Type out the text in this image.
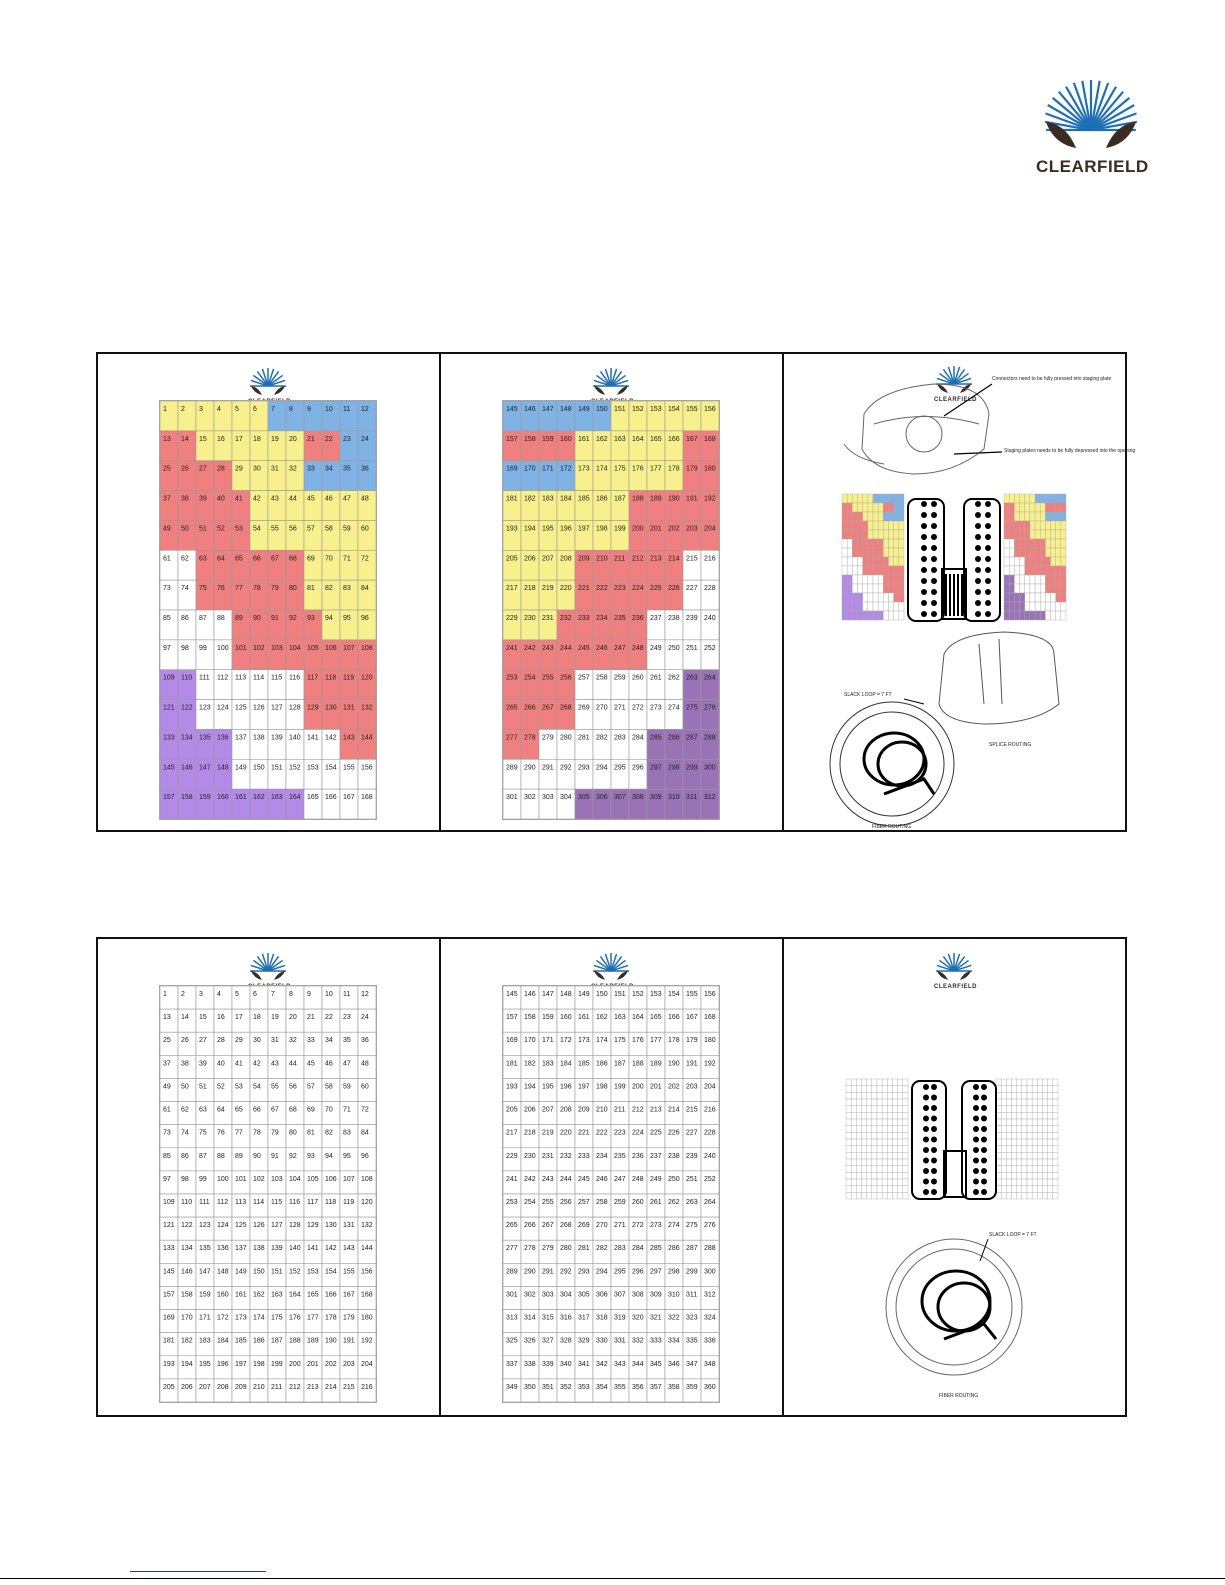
CLEARFIELD
1 2 3 4 5 6 7 8 9 10 11 12
13 14 15 16 17 18 19 20 21 22 23 24
25 26 27 28 29 30 31 32 33 34 35 36
37 38 39 40 41 42 43 44 45 46 47 48
49 50 51 52 53 54 55 56 57 58 59 60
61 62 63 64 65 66 67 68 69 70 71 72
73 74 75 76 77 78 79 80 81 82 83 84
85 86 87 88 89 90 91 92 93 94 95 96
97 98 99 100 101 102 103 104 105 106 107 108
109 110 111 112 113 114 115 116 117 118 119 120
121 122 123 124 125 126 127 128 129 130 131 132
133 134 135 136 137 138 139 140 141 142 143 144
145 146 147 148 149 150 151 152 153 154 155 156
157 158 159 160 161 162 163 164 165 166 167 168
145 146 147 148 149 150 151 152 153 154 155 156
157 158 159 160 161 162 163 164 165 166 167 168
169 170 171 172 173 174 175 176 177 178 179 180
181 182 183 184 185 186 187 188 189 190 191 192
193 194 195 196 197 198 199 200 201 202 203 204
205 206 207 208 209 210 211 212 213 214 215 216
217 218 219 220 221 222 223 224 225 226 227 228
229 230 231 232 233 234 235 236 237 238 239 240
241 242 243 244 245 246 247 248 249 250 251 252
253 254 255 256 257 258 259 260 261 262 263 264
265 266 267 268 269 270 271 272 273 274 275 276
277 278 279 280 281 282 283 284 285 286 287 288
289 290 291 292 293 294 295 296 297 298 299 300
301 302 303 304 305 306 307 308 309 310 311 312
CLEARFIELD
Connectors need to be fully pressed into staging plate
Staging plates needs to be fully depressed into the opening
SPLICE ROUTING
SLACK LOOP = 7 FT
FIBER ROUTING
1 2 3 4 5 6 7 8 9 10 11 12
13 14 15 16 17 18 19 20 21 22 23 24
25 26 27 28 29 30 31 32 33 34 35 36
37 38 39 40 41 42 43 44 45 46 47 48
49 50 51 52 53 54 55 56 57 58 59 60
61 62 63 64 65 66 67 68 69 70 71 72
73 74 75 76 77 78 79 80 81 82 83 84
85 86 87 88 89 90 91 92 93 94 95 96
97 98 99 100 101 102 103 104 105 106 107 108
109 110 111 112 113 114 115 116 117 118 119 120
121 122 123 124 125 126 127 128 129 130 131 132
133 134 135 136 137 138 139 140 141 142 143 144
145 146 147 148 149 150 151 152 153 154 155 156
157 158 159 160 161 162 163 164 165 166 167 168
169 170 171 172 173 174 175 176 177 178 179 180
181 182 183 184 185 186 187 188 189 190 191 192
193 194 195 196 197 198 199 200 201 202 203 204
205 206 207 208 209 210 211 212 213 214 215 216
145 146 147 148 149 150 151 152 153 154 155 156
157 158 159 160 161 162 163 164 165 166 167 168
169 170 171 172 173 174 175 176 177 178 179 180
181 182 183 184 185 186 187 188 189 190 191 192
193 194 195 196 197 198 199 200 201 202 203 204
205 206 207 208 209 210 211 212 213 214 215 216
217 218 219 220 221 222 223 224 225 226 227 228
229 230 231 232 233 234 235 236 237 238 239 240
241 242 243 244 245 246 247 248 249 250 251 252
253 254 255 256 257 258 259 260 261 262 263 264
265 266 267 268 269 270 271 272 273 274 275 276
277 278 279 280 281 282 283 284 285 286 287 288
289 290 291 292 293 294 295 296 297 298 299 300
301 302 303 304 305 306 307 308 309 310 311 312
313 314 315 316 317 318 319 320 321 322 323 324
325 326 327 328 329 330 331 332 333 334 335 336
337 338 339 340 341 342 343 344 345 346 347 348
349 350 351 352 353 354 355 356 357 358 359 360
CLEARFIELD
SLACK LOOP = 7 FT
FIBER ROUTING
